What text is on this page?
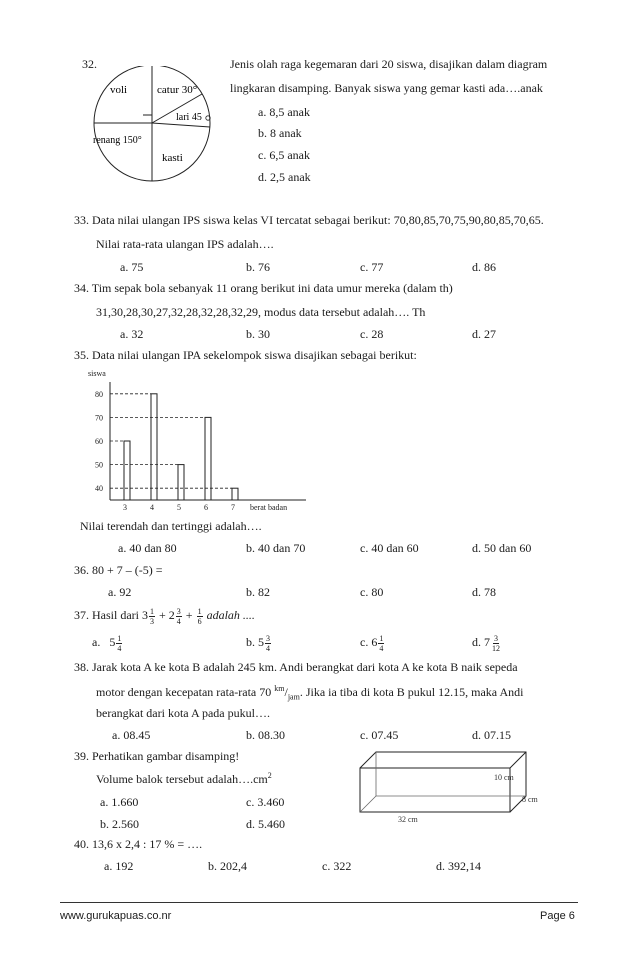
32.
voli	catur 30°
lari 45
kasti
renang 150°
Jenis olah raga kegemaran dari 20 siswa, disajikan dalam diagram
lingkaran disamping. Banyak siswa yang gemar kasti ada….anak
a. 8,5 anak
b. 8 anak
c. 6,5 anak
d. 2,5 anak
33. Data nilai ulangan IPS siswa kelas VI tercatat sebagai berikut: 70,80,85,70,75,90,80,85,70,65.
Nilai rata-rata ulangan IPS adalah….
a. 75	b. 76	c. 77	d. 86
34. Tim sepak bola sebanyak 11 orang berikut ini data umur mereka (dalam th)
31,30,28,30,27,32,28,32,28,32,29, modus data tersebut adalah…. Th
a. 32	b. 30	c. 28	d. 27
35. Data nilai ulangan IPA sekelompok siswa disajikan sebagai berikut:
siswa
40
50
60
70
80
3	4	5	6	7 berat badan
Nilai terendah dan tertinggi adalah….
a. 40 dan 80	b. 40 dan 70	c. 40 dan 60	d. 50 dan 60
36. 80 + 7 – (-5) =
a. 92	b. 82	c. 80	d. 78
37. Hasil dari $3 \frac{1}{3} + 2 \frac{3}{4} + \frac{1}{6}$ adalah ....
a. $5 \frac{1}{4}$	b. $5 \frac{3}{4}$	c. $6 \frac{1}{4}$	d. $7 \frac{3}{12}$
38. Jarak kota A ke kota B adalah 245 km. Andi berangkat dari kota A ke kota B naik sepeda
motor dengan kecepatan rata-rata 70 $^{km}/_{jam}$. Jika ia tiba di kota B pukul 12.15, maka Andi
berangkat dari kota A pada pukul….
a. 08.45	b. 08.30	c. 07.45	d. 07.15
39. Perhatikan gambar disamping!
Volume balok tersebut $adalah\dots.cm^2$
a. 1.660	c. 3.460
b. 2.560	d. 5.460
10 cm
8 cm
32 cm
40. 13,6 x 2,4 : 17 % = ….
a. 192	b. 202,4	c. 322	d. 392,14
www.gurukapuas.co.nr	Page 6
